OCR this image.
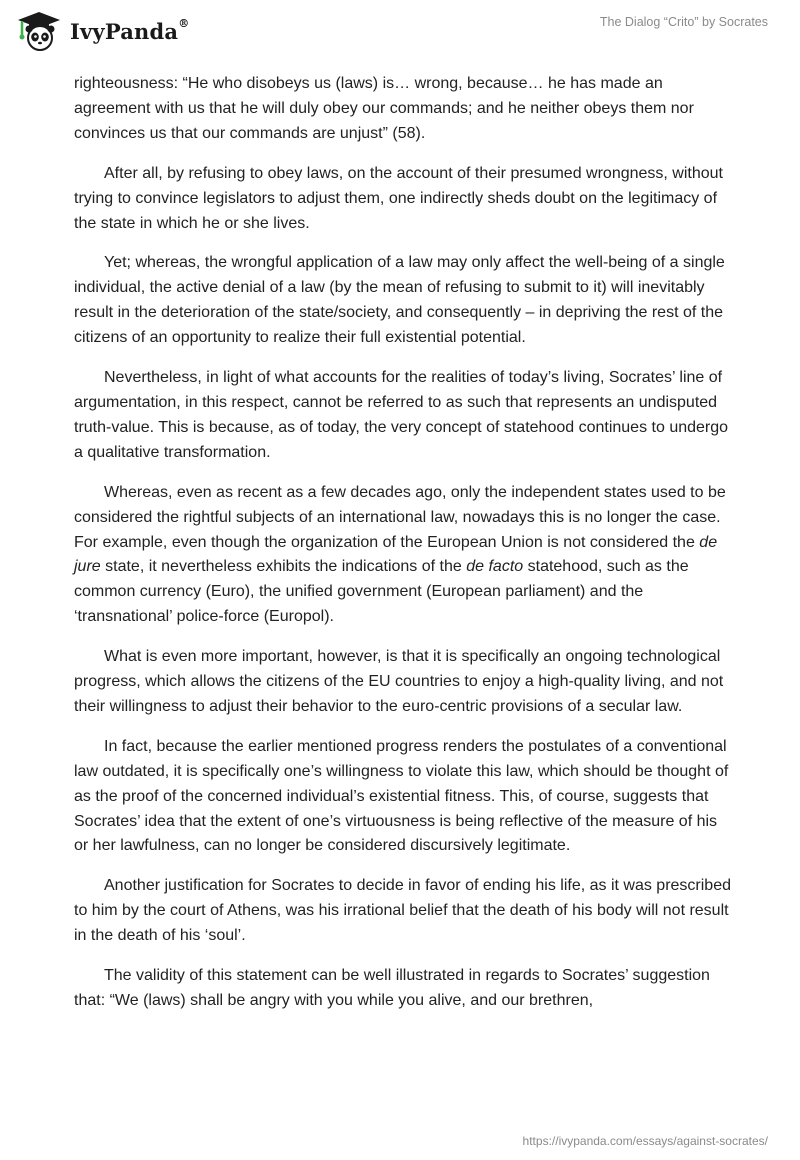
IvyPanda®	The Dialog “Crito” by Socrates

righteousness: “He who disobeys us (laws) is… wrong, because… he has made an agreement with us that he will duly obey our commands; and he neither obeys them nor convinces us that our commands are unjust” (58).

After all, by refusing to obey laws, on the account of their presumed wrongness, without trying to convince legislators to adjust them, one indirectly sheds doubt on the legitimacy of the state in which he or she lives.

Yet; whereas, the wrongful application of a law may only affect the well-being of a single individual, the active denial of a law (by the mean of refusing to submit to it) will inevitably result in the deterioration of the state/society, and consequently – in depriving the rest of the citizens of an opportunity to realize their full existential potential.

Nevertheless, in light of what accounts for the realities of today’s living, Socrates’ line of argumentation, in this respect, cannot be referred to as such that represents an undisputed truth-value. This is because, as of today, the very concept of statehood continues to undergo a qualitative transformation.

Whereas, even as recent as a few decades ago, only the independent states used to be considered the rightful subjects of an international law, nowadays this is no longer the case. For example, even though the organization of the European Union is not considered the de jure state, it nevertheless exhibits the indications of the de facto statehood, such as the common currency (Euro), the unified government (European parliament) and the ‘transnational’ police-force (Europol).

What is even more important, however, is that it is specifically an ongoing technological progress, which allows the citizens of the EU countries to enjoy a high-quality living, and not their willingness to adjust their behavior to the euro-centric provisions of a secular law.

In fact, because the earlier mentioned progress renders the postulates of a conventional law outdated, it is specifically one’s willingness to violate this law, which should be thought of as the proof of the concerned individual’s existential fitness. This, of course, suggests that Socrates’ idea that the extent of one’s virtuousness is being reflective of the measure of his or her lawfulness, can no longer be considered discursively legitimate.

Another justification for Socrates to decide in favor of ending his life, as it was prescribed to him by the court of Athens, was his irrational belief that the death of his body will not result in the death of his ‘soul’.

The validity of this statement can be well illustrated in regards to Socrates’ suggestion that: “We (laws) shall be angry with you while you alive, and our brethren,

https://ivypanda.com/essays/against-socrates/
